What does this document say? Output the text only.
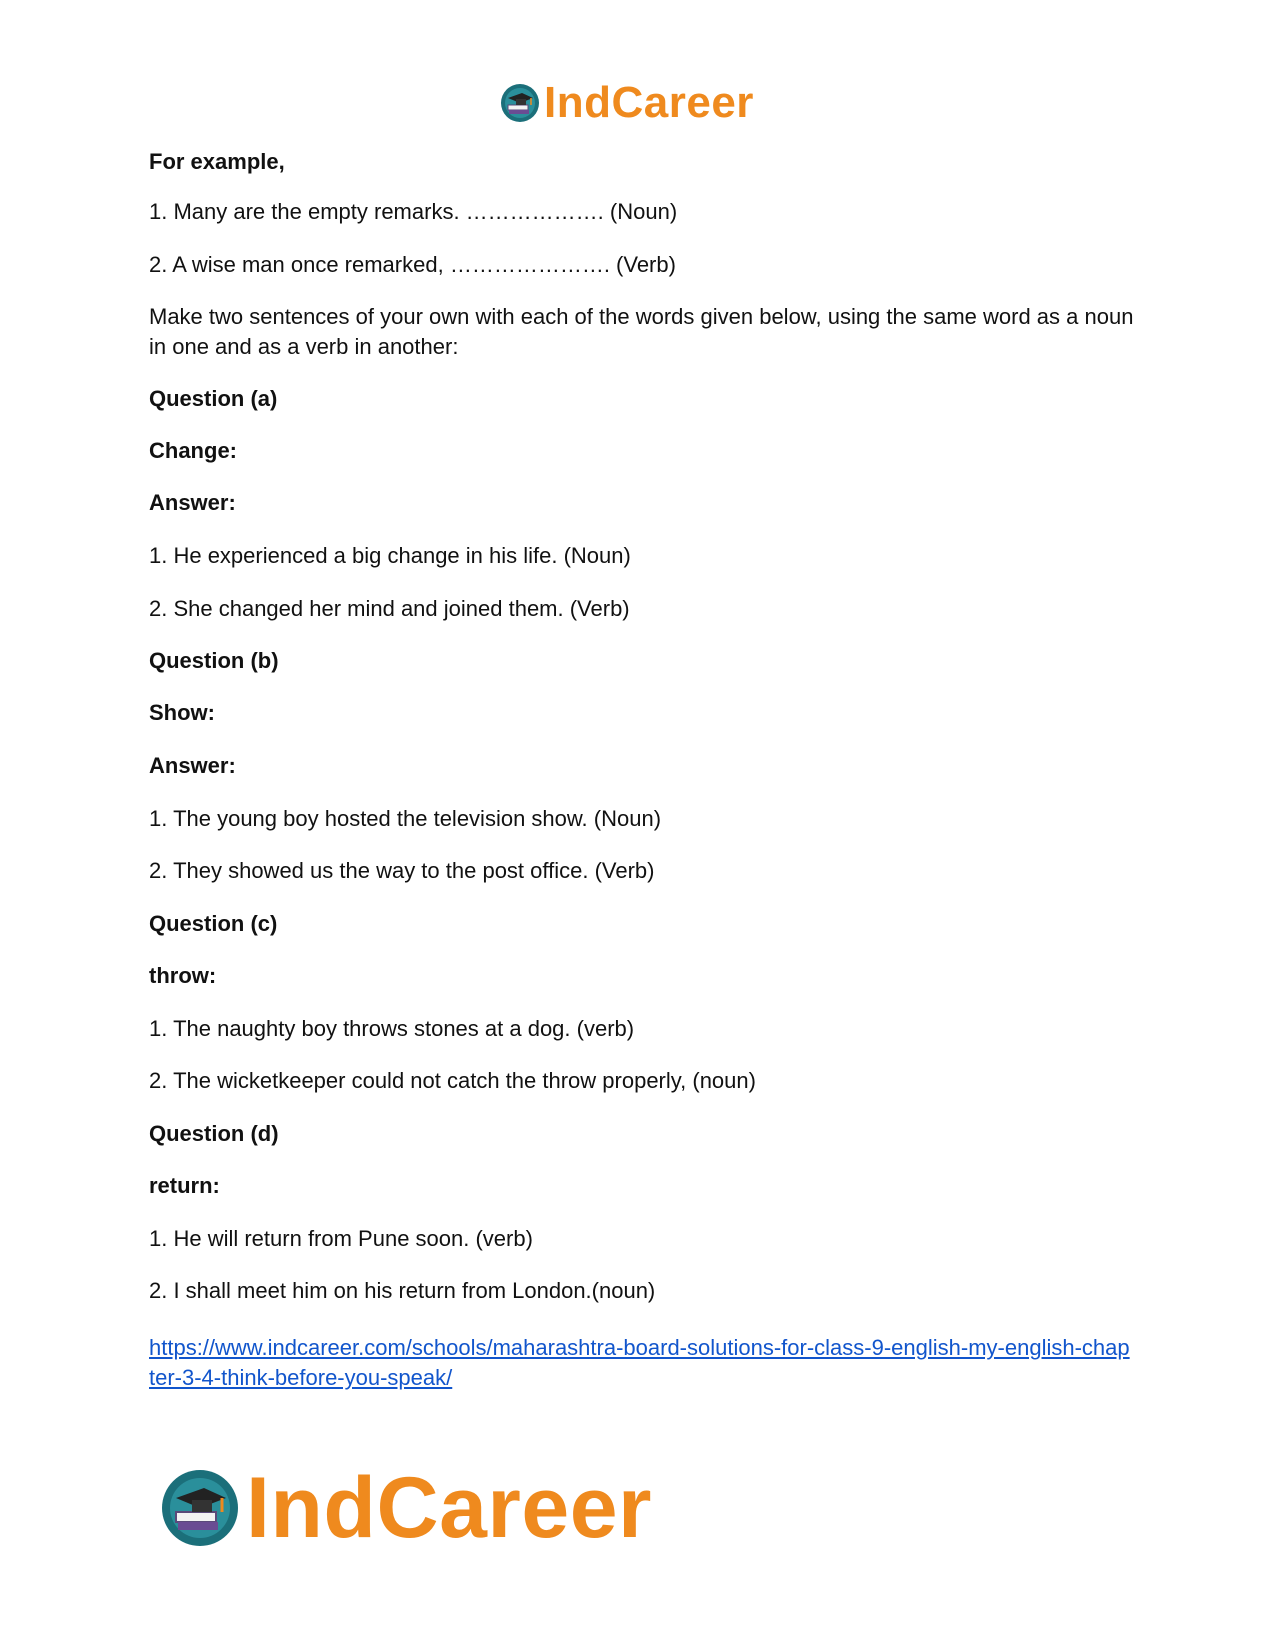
IndCareer

For example,

1. Many are the empty remarks. ………………. (Noun)

2. A wise man once remarked, …………………. (Verb)

Make two sentences of your own with each of the words given below, using the same word as a noun in one and as a verb in another:

Question (a)

Change:

Answer:

1. He experienced a big change in his life. (Noun)

2. She changed her mind and joined them. (Verb)

Question (b)

Show:

Answer:

1. The young boy hosted the television show. (Noun)

2. They showed us the way to the post office. (Verb)

Question (c)

throw:

1. The naughty boy throws stones at a dog. (verb)

2. The wicketkeeper could not catch the throw properly, (noun)

Question (d)

return:

1. He will return from Pune soon. (verb)

2. I shall meet him on his return from London.(noun)

https://www.indcareer.com/schools/maharashtra-board-solutions-for-class-9-english-my-english-chapter-3-4-think-before-you-speak/
IndCareer
